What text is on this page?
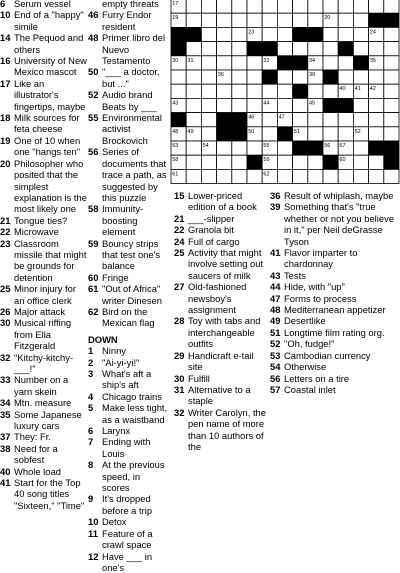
6 Serum vessel
10 End of a "happy" simile
14 The Pequod and others
16 University of New Mexico mascot
17 Like an illustrator's fingertips, maybe
18 Milk sources for feta cheese
19 One of 10 when one "hangs ten"
20 Philosopher who posited that the simplest explanation is the most likely one
21 Tongue ties?
22 Microwave
23 Classroom missile that might be grounds for detention
25 Minor injury for an office clerk
26 Major attack
30 Musical riffing from Ella Fitzgerald
32 "Kitchy-kitchy-___!"
33 Number on a yarn skein
34 Mtn. measure
35 Some Japanese luxury cars
37 They: Fr.
38 Need for a sobfest
40 Whole load
41 Start for the Top 40 song titles "Sixteen," "Time"
empty threats
46 Furry Endor resident
48 Primer libro del Nuevo Testamento
50 "___ a doctor, but ..."
52 Audio brand Beats by ___
55 Environmental activist Brockovich
56 Series of documents that trace a path, as suggested by this puzzle
58 Immunity-boosting element
59 Bouncy strips that test one's balance
60 Fringe
61 "Out of Africa" writer Dinesen
62 Bird on the Mexican flag
DOWN
1 Ninny
2 "Ai-yi-yi!"
3 What's aft a ship's aft
4 Chicago trains
5 Make less tight, as a waistband
6 Larynx
7 Ending with Louis
8 At the previous speed, in scores
9 It's dropped before a trip
10 Detox
11 Feature of a crawl space
12 Have ___ in one's
15 Lower-priced edition of a book
21 ___-slipper
22 Granola bit
24 Full of cargo
25 Activity that might involve setting out saucers of milk
27 Old-fashioned newsboy's assignment
28 Toy with tabs and interchangeable outfits
29 Handicraft e-tail site
30 Fulfill
31 Alternative to a staple
32 Writer Carolyn, the pen name of more than 10 authors of the
36 Result of whiplash, maybe
39 Something that's "true whether or not you believe in it," per Neil deGrasse Tyson
41 Flavor imparter to chardonnay
43 Tests
44 Hide, with "up"
47 Forms to process
48 Mediterranean appetizer
49 Desertlike
51 Longtime film rating org.
52 "Oh, fudge!"
53 Cambodian currency
54 Otherwise
56 Letters on a tire
57 Coastal inlet
17
19	20
23	24
30 31	32	34	35
36	39
40 41 42
43	44	45
46	47
48 49	50	51	52
53	54	55	56 57
58	59	60
61	62
